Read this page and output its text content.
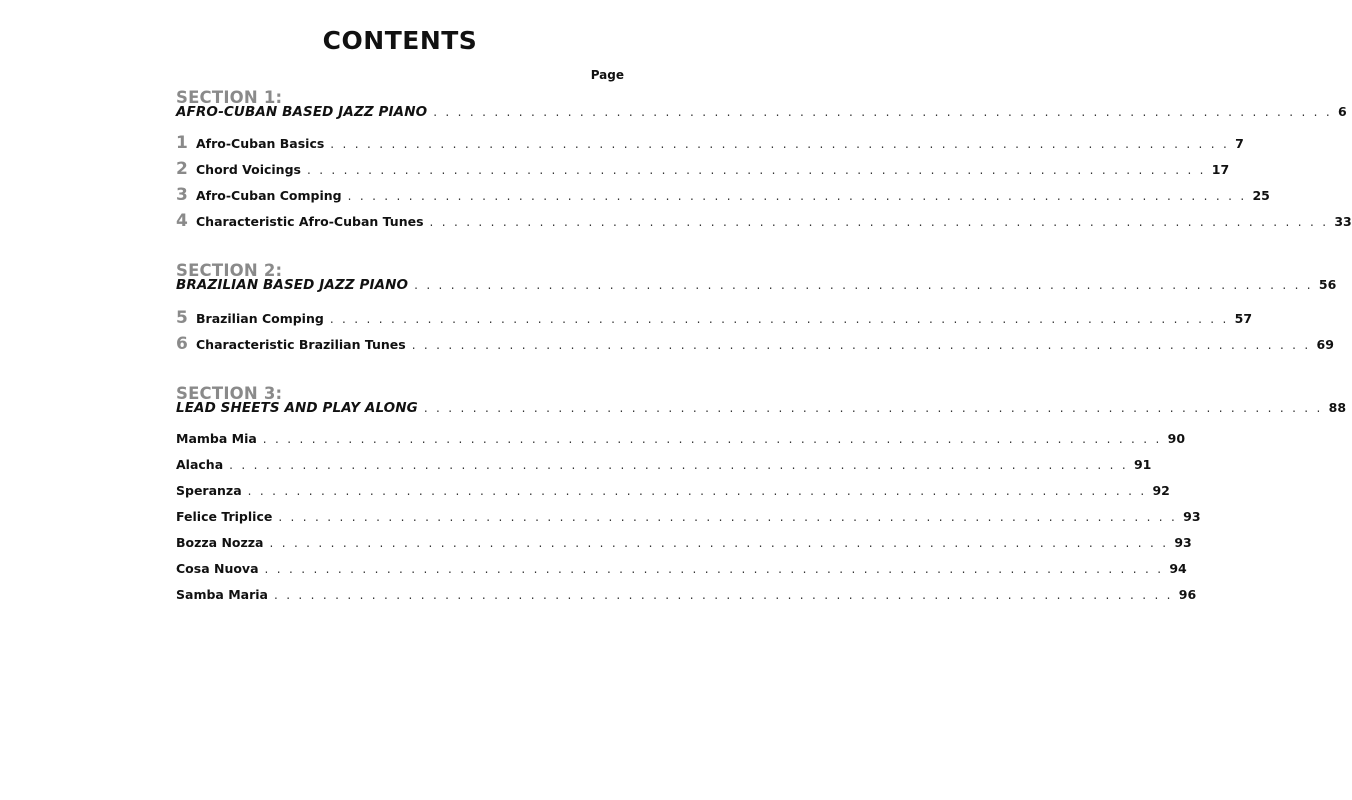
CONTENTS
Page
SECTION 1:
AFRO-CUBAN BASED JAZZ PIANO . . . . . . . . . . . . . . . . . . . . . . . . . . . . . . . . . . . . . . . . . . . . . . . . . . . . . . . . . . . . . . . . . . . . . . . . . . 6
1 Afro-Cuban Basics . . . . . . . . . . . . . . . . . . . . . . . . . . . . . . . . . . . . . . . . . . . . . . . . . . . . . . . . . . . . . . . . . . . . . . . . . . 7
2 Chord Voicings . . . . . . . . . . . . . . . . . . . . . . . . . . . . . . . . . . . . . . . . . . . . . . . . . . . . . . . . . . . . . . . . . . . . . . . . . . 17
3 Afro-Cuban Comping . . . . . . . . . . . . . . . . . . . . . . . . . . . . . . . . . . . . . . . . . . . . . . . . . . . . . . . . . . . . . . . . . . . . . . . . . . 25
4 Characteristic Afro-Cuban Tunes . . . . . . . . . . . . . . . . . . . . . . . . . . . . . . . . . . . . . . . . . . . . . . . . . . . . . . . . . . . . . . . . . . . . . . . . . . 33
SECTION 2:
BRAZILIAN BASED JAZZ PIANO . . . . . . . . . . . . . . . . . . . . . . . . . . . . . . . . . . . . . . . . . . . . . . . . . . . . . . . . . . . . . . . . . . . . . . . . . . 56
5 Brazilian Comping . . . . . . . . . . . . . . . . . . . . . . . . . . . . . . . . . . . . . . . . . . . . . . . . . . . . . . . . . . . . . . . . . . . . . . . . . . 57
6 Characteristic Brazilian Tunes . . . . . . . . . . . . . . . . . . . . . . . . . . . . . . . . . . . . . . . . . . . . . . . . . . . . . . . . . . . . . . . . . . . . . . . . . . 69
SECTION 3:
LEAD SHEETS AND PLAY ALONG . . . . . . . . . . . . . . . . . . . . . . . . . . . . . . . . . . . . . . . . . . . . . . . . . . . . . . . . . . . . . . . . . . . . . . . . . . 88
Mamba Mia . . . . . . . . . . . . . . . . . . . . . . . . . . . . . . . . . . . . . . . . . . . . . . . . . . . . . . . . . . . . . . . . . . . . . . . . . . 90
Alacha . . . . . . . . . . . . . . . . . . . . . . . . . . . . . . . . . . . . . . . . . . . . . . . . . . . . . . . . . . . . . . . . . . . . . . . . . . 91
Speranza . . . . . . . . . . . . . . . . . . . . . . . . . . . . . . . . . . . . . . . . . . . . . . . . . . . . . . . . . . . . . . . . . . . . . . . . . . 92
Felice Triplice . . . . . . . . . . . . . . . . . . . . . . . . . . . . . . . . . . . . . . . . . . . . . . . . . . . . . . . . . . . . . . . . . . . . . . . . . . 93
Bozza Nozza . . . . . . . . . . . . . . . . . . . . . . . . . . . . . . . . . . . . . . . . . . . . . . . . . . . . . . . . . . . . . . . . . . . . . . . . . . 93
Cosa Nuova . . . . . . . . . . . . . . . . . . . . . . . . . . . . . . . . . . . . . . . . . . . . . . . . . . . . . . . . . . . . . . . . . . . . . . . . . . 94
Samba Maria . . . . . . . . . . . . . . . . . . . . . . . . . . . . . . . . . . . . . . . . . . . . . . . . . . . . . . . . . . . . . . . . . . . . . . . . . . 96
